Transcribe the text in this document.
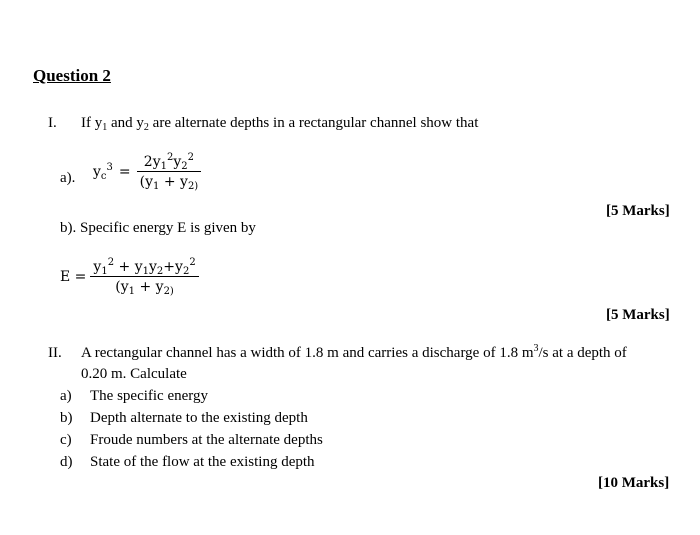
Question 2
I. If $y_1$ and $y_2$ are alternate depths in a rectangular channel show that
a). $y_c^3 = \frac{2y_1^2y_2^2}{(y_1 + y_{2)}}$
[5 Marks]
b). Specific energy E is given by
$E = \frac{y_1^2 + y_1y_2+y_2^2}{(y_1 + y_{2)}}$
[5 Marks]
II. A rectangular channel has a width of 1.8 m and carries a discharge of 1.8 $m^3/s$ at a depth of
0.20 m. Calculate
a) The specific energy
b) Depth alternate to the existing depth
c) Froude numbers at the alternate depths
d) State of the flow at the existing depth
[10 Marks]
